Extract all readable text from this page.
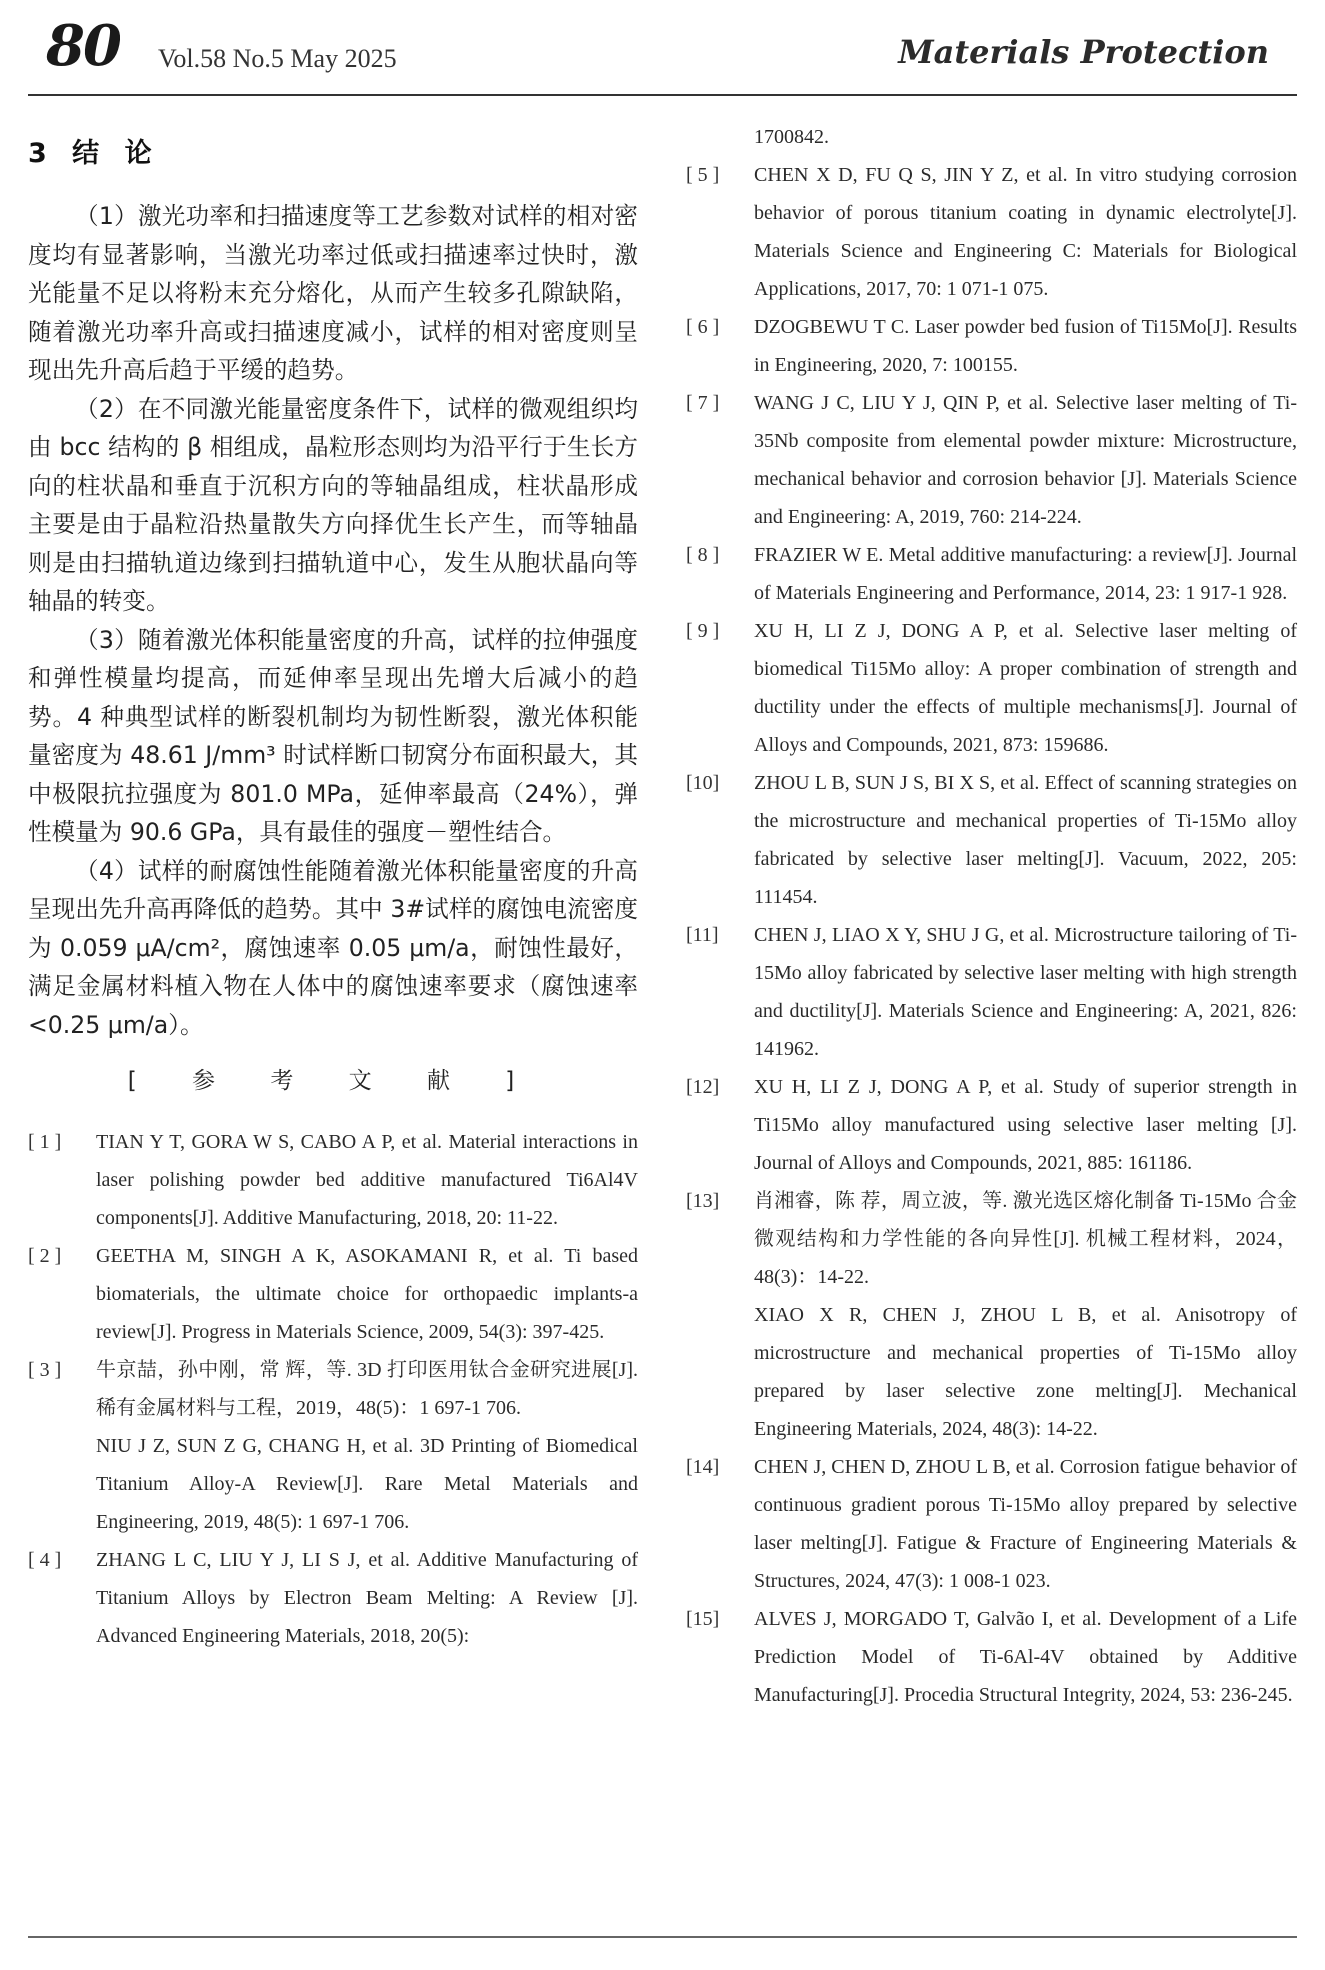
80 Vol.58 No.5 May 2025	Materials Protection
3 结 论

（1）激光功率和扫描速度等工艺参数对试样的相对密度均有显著影响，当激光功率过低或扫描速率过快时，激光能量不足以将粉末充分熔化，从而产生较多孔隙缺陷，随着激光功率升高或扫描速度减小，试样的相对密度则呈现出先升高后趋于平缓的趋势。

（2）在不同激光能量密度条件下，试样的微观组织均由 bcc 结构的 β 相组成，晶粒形态则均为沿平行于生长方向的柱状晶和垂直于沉积方向的等轴晶组成，柱状晶形成主要是由于晶粒沿热量散失方向择优生长产生，而等轴晶则是由扫描轨道边缘到扫描轨道中心，发生从胞状晶向等轴晶的转变。

（3）随着激光体积能量密度的升高，试样的拉伸强度和弹性模量均提高，而延伸率呈现出先增大后减小的趋势。4 种典型试样的断裂机制均为韧性断裂，激光体积能量密度为 48.61 J/mm³ 时试样断口韧窝分布面积最大，其中极限抗拉强度为 801.0 MPa，延伸率最高（24%），弹性模量为 90.6 GPa，具有最佳的强度－塑性结合。

（4）试样的耐腐蚀性能随着激光体积能量密度的升高呈现出先升高再降低的趋势。其中 3#试样的腐蚀电流密度为 0.059 μA/cm²，腐蚀速率 0.05 μm/a，耐蚀性最好，满足金属材料植入物在人体中的腐蚀速率要求（腐蚀速率<0.25 μm/a）。

[ 参 考 文 献 ]
[ 1 ]	TIAN Y T, GORA W S, CABO A P, et al. Material interactions in laser polishing powder bed additive manufactured Ti6Al4V components[J]. Additive Manufacturing, 2018, 20: 11-22.
[ 2 ]	GEETHA M, SINGH A K, ASOKAMANI R, et al. Ti based biomaterials, the ultimate choice for orthopaedic implants-a review[J]. Progress in Materials Science, 2009, 54(3): 397-425.
[ 3 ]	牛京喆，孙中刚，常 辉，等. 3D 打印医用钛合金研究进展[J]. 稀有金属材料与工程，2019，48(5)：1 697-1 706.
NIU J Z, SUN Z G, CHANG H, et al. 3D Printing of Biomedical Titanium Alloy-A Review[J]. Rare Metal Materials and Engineering, 2019, 48(5): 1 697-1 706.
[ 4 ]	ZHANG L C, LIU Y J, LI S J, et al. Additive Manufacturing of Titanium Alloys by Electron Beam Melting: A Review [J]. Advanced Engineering Materials, 2018, 20(5):
1700842.
[ 5 ]	CHEN X D, FU Q S, JIN Y Z, et al. In vitro studying corrosion behavior of porous titanium coating in dynamic electrolyte[J]. Materials Science and Engineering C: Materials for Biological Applications, 2017, 70: 1 071-1 075.
[ 6 ]	DZOGBEWU T C. Laser powder bed fusion of Ti15Mo[J]. Results in Engineering, 2020, 7: 100155.
[ 7 ]	WANG J C, LIU Y J, QIN P, et al. Selective laser melting of Ti-35Nb composite from elemental powder mixture: Microstructure, mechanical behavior and corrosion behavior [J]. Materials Science and Engineering: A, 2019, 760: 214-224.
[ 8 ]	FRAZIER W E. Metal additive manufacturing: a review[J]. Journal of Materials Engineering and Performance, 2014, 23: 1 917-1 928.
[ 9 ]	XU H, LI Z J, DONG A P, et al. Selective laser melting of biomedical Ti15Mo alloy: A proper combination of strength and ductility under the effects of multiple mechanisms[J]. Journal of Alloys and Compounds, 2021, 873: 159686.
[10]	ZHOU L B, SUN J S, BI X S, et al. Effect of scanning strategies on the microstructure and mechanical properties of Ti-15Mo alloy fabricated by selective laser melting[J]. Vacuum, 2022, 205: 111454.
[11]	CHEN J, LIAO X Y, SHU J G, et al. Microstructure tailoring of Ti-15Mo alloy fabricated by selective laser melting with high strength and ductility[J]. Materials Science and Engineering: A, 2021, 826: 141962.
[12]	XU H, LI Z J, DONG A P, et al. Study of superior strength in Ti15Mo alloy manufactured using selective laser melting [J]. Journal of Alloys and Compounds, 2021, 885: 161186.
[13]	肖湘睿，陈 荐，周立波，等. 激光选区熔化制备 Ti-15Mo 合金微观结构和力学性能的各向异性[J]. 机械工程材料，2024，48(3)：14-22.
XIAO X R, CHEN J, ZHOU L B, et al. Anisotropy of microstructure and mechanical properties of Ti-15Mo alloy prepared by laser selective zone melting[J]. Mechanical Engineering Materials, 2024, 48(3): 14-22.
[14]	CHEN J, CHEN D, ZHOU L B, et al. Corrosion fatigue behavior of continuous gradient porous Ti-15Mo alloy prepared by selective laser melting[J]. Fatigue & Fracture of Engineering Materials & Structures, 2024, 47(3): 1 008-1 023.
[15]	ALVES J, MORGADO T, Galvão I, et al. Development of a Life Prediction Model of Ti-6Al-4V obtained by Additive Manufacturing[J]. Procedia Structural Integrity, 2024, 53: 236-245.
